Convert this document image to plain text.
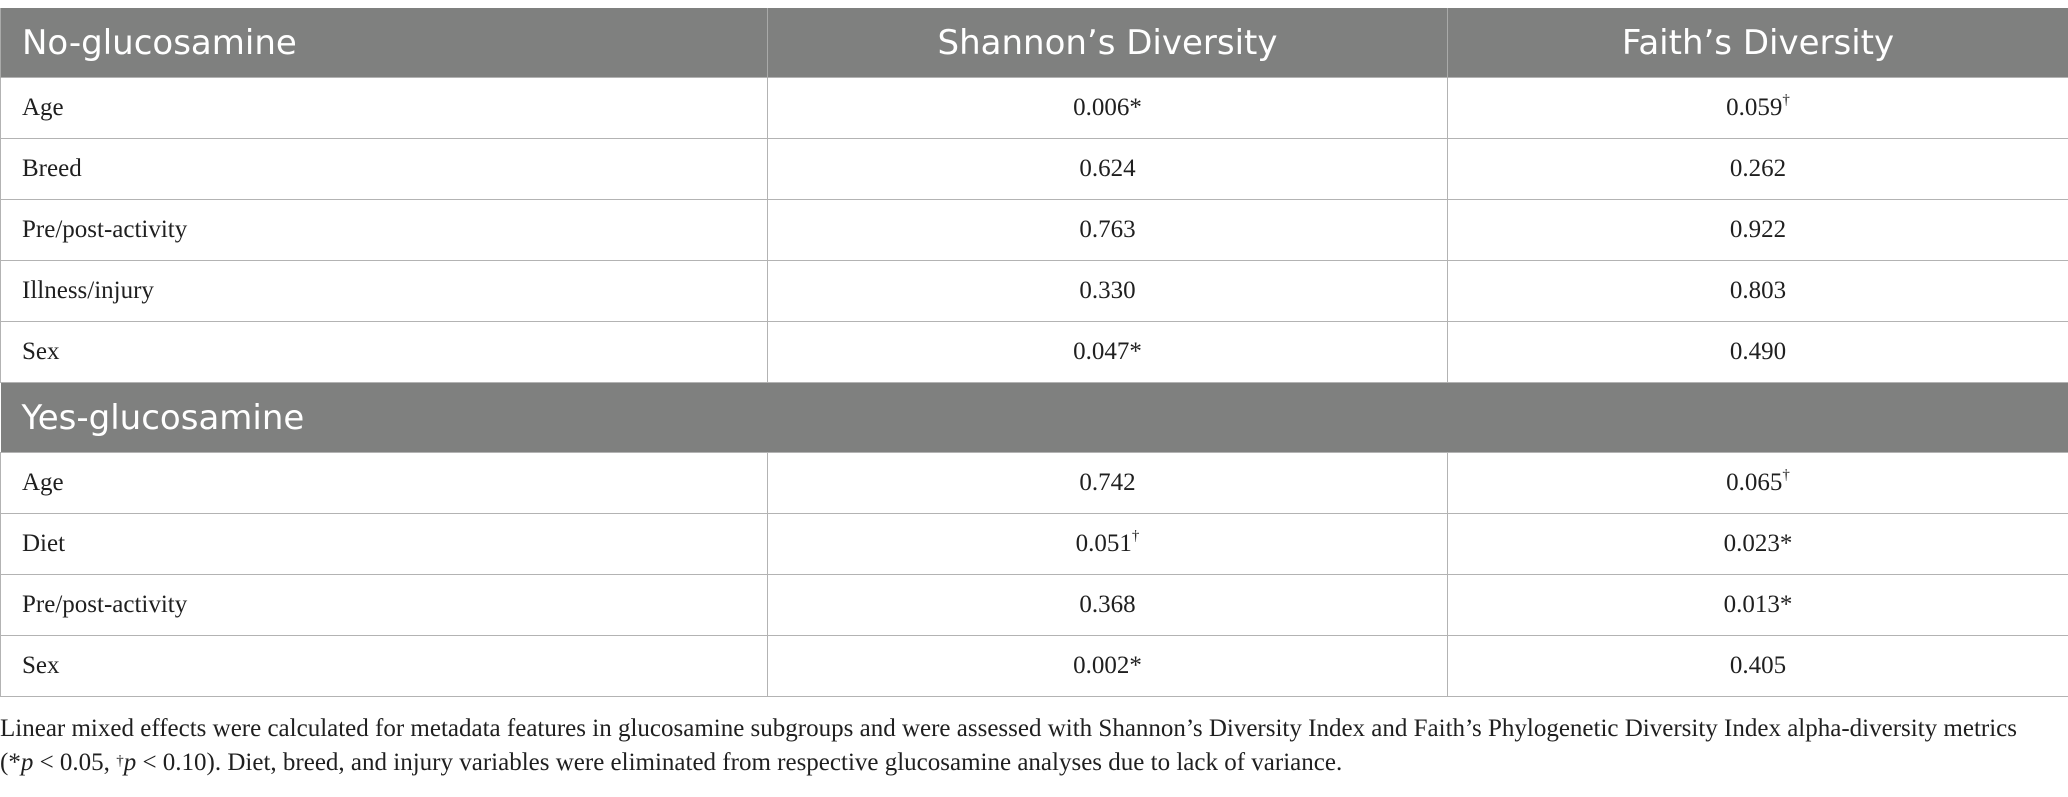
No-glucosamine	Shannon’s Diversity	Faith’s Diversity
Age	0.006*	0.059†
Breed	0.624	0.262
Pre/post-activity	0.763	0.922
Illness/injury	0.330	0.803
Sex	0.047*	0.490
Yes-glucosamine		
Age	0.742	0.065†
Diet	0.051†	0.023*
Pre/post-activity	0.368	0.013*
Sex	0.002*	0.405
Linear mixed effects were calculated for metadata features in glucosamine subgroups and were assessed with Shannon’s Diversity Index and Faith’s Phylogenetic Diversity Index alpha-diversity metrics (*p < 0.05, †p < 0.10). Diet, breed, and injury variables were eliminated from respective glucosamine analyses due to lack of variance.
